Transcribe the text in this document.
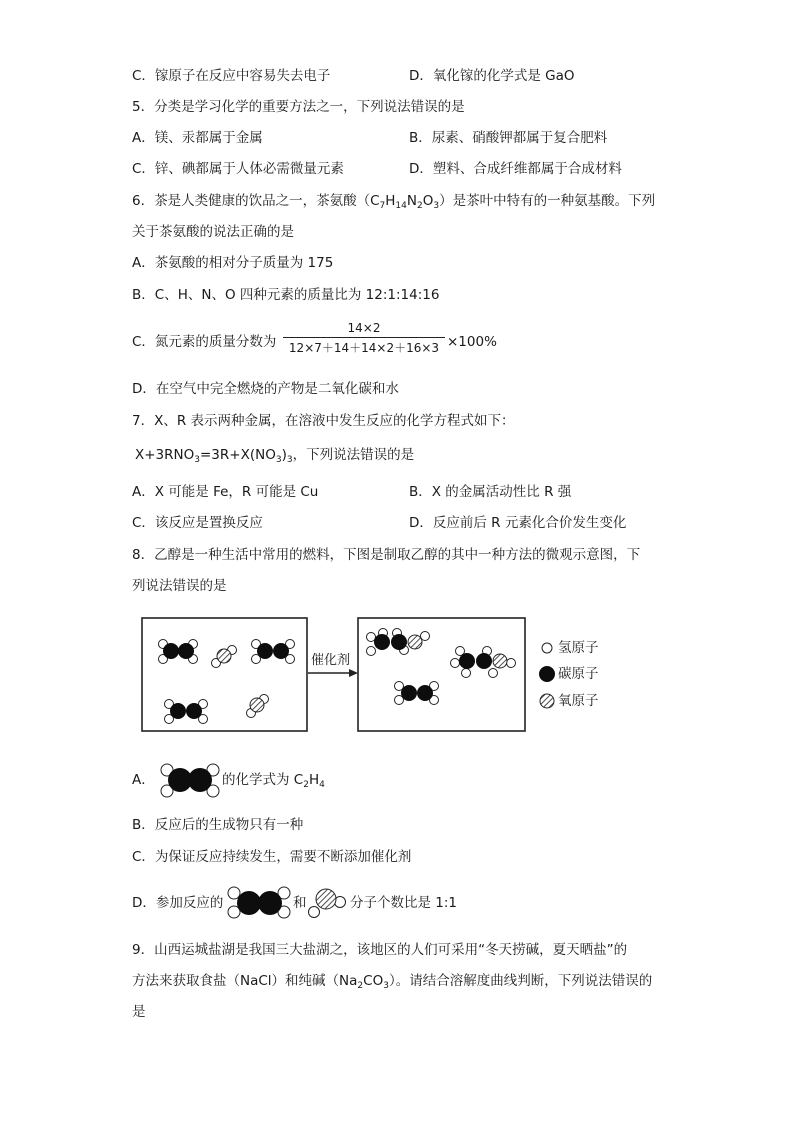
C．镓原子在反应中容易失去电子	D．氧化镓的化学式是 GaO
5．分类是学习化学的重要方法之一，下列说法错误的是
A．镁、汞都属于金属	B．尿素、硝酸钾都属于复合肥料
C．锌、碘都属于人体必需微量元素	D．塑料、合成纤维都属于合成材料
6．茶是人类健康的饮品之一，茶氨酸$(C_7H_{14}N_2O_3)$是茶叶中特有的一种氨基酸。下列
关于茶氨酸的说法正确的是
A．茶氨酸的相对分子质量为 175
B．C、H、N、O 四种元素的质量比为 12:1:14:16
C．氮元素的质量分数为
14×2
12×7＋14＋14×2＋16×3 ×100%
D．在空气中完全燃烧的产物是二氧化碳和水
7．X、R 表示两种金属，在溶液中发生反应的化学方程式如下：
$X+3RNO_3=3R+X(NO_3)_3$，下列说法错误的是
A．X 可能是 Fe，R 可能是 Cu	B．X 的金属活动性比 R 强
C．该反应是置换反应	D．反应前后 R 元素化合价发生变化
8．乙醇是一种生活中常用的燃料，下图是制取乙醇的其中一种方法的微观示意图，下
列说法错误的是
催化剂
氢原子
碳原子
氧原子
A．	的化学式为 $C_2H_4$
B．反应后的生成物只有一种
C．为保证反应持续发生，需要不断添加催化剂
D．参加反应的	和	分子个数比是 1:1
9．山西运城盐湖是我国三大盐湖之，该地区的人们可采用“冬天捞碱，夏天晒盐”的
方法来获取食盐（NaCl）和纯碱$(Na_2CO_3)$。请结合溶解度曲线判断，下列说法错误的
是
